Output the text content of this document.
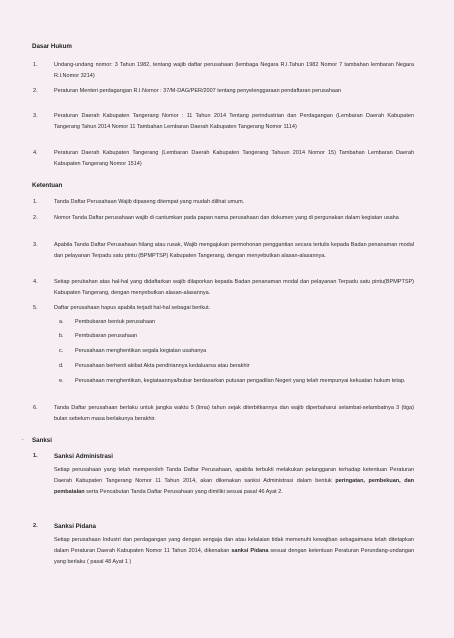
Dasar Hukum
1.	Undang-undang nomor: 3 Tahun 1982, tentang wajib daftar perusahaan (lembaga Negara R.I.Tahun 1982 Nomor 7 tambahan lembaran Negara R.I.Nomor 3214)
2.	Peraturan Menteri perdagangan R.I.Nomor : 37/M-DAG/PER/2007 tentang penyelenggaraan pendaftaran perusahaan
3.	Peraturan Daerah Kabupaten Tangerang Nomor : 11 Tahun 2014 Tentang perindustrian dan Perdagangan (Lembaran Daerah Kabupaten Tangerang Tahun 2014 Nomor 11 Tambahan Lembaran Daerah Kabupaten Tangerang Nomor 1114)
4.	Peraturan Daerah Kabupaten Tangerang (Lembaran Daerah Kabupaten Tangerang Tahuun 2014 Nomor 15) Tambahan Lembaran Daerah Kabupaten Tangerang Nomor 1514)
Ketentuan
1.	Tanda Daftar Perusahaan Wajib dipaseng ditempat yang mudah dilihat umum.
2.	Nomor Tanda Daftar perusahaan wajib di cantumkan pada papan nama perusahaan dan dokumen yang di pergunakan dalam kegiatan usaha
3.	Apabila Tanda Daftar Perusahaan hilang atau rusak, Wajib mengajukan permohonan penggantian secara tertulis kepada Badan penanaman modal dan pelayanan Terpadu satu pintu (BPMPTSP) Kabupaten Tangerang, dengan menyebutkan alasan-alasannya.
4.	Setiap perubahan atas hal-hal yang didaftarkan wajib dilaporkan kepada Badan penanaman modal dan pelayanan Terpadu satu pintu(BPMPTSP) Kabupaten Tangerang, dengan menyebutkan alasan-alasannya.
5.	Daftar perusahaan hapus apabila terjadi hal-hal sebagai berikut.
a. Pembubaran bentuk perusahaan
b. Pembubaran perusahaan
c. Perusahaan menghentikan segala kegiatan usahanya
d. Perusahaan berhenti akibat Akta pendiriannya kedaluarsa atau berakhir
e. Perusahaan menghentikan, kegiataannya/bubar berdasarkan putusan pengadilan Negeri yang telah mempunyai kekuatan hukum tetap.
6.	Tanda Daftar perusahaan berlaku untuk jangka waktu 5 (lima) tahun sejak diterbitkannya dan wajib diperbaharui selambat-selambatnya 3 (tiga) bulan sebelum masa berlakunya berakhir.
. Sanksi
1.	Sanksi Administrasi
Setiap perusahaan yang telah memperoleh Tanda Daftar Perusahaan, apabila terbukti melakukan pelanggaran terhadap ketentuan Peraturan Daerah Kabupaten Tangerang Nomor 11 Tahun 2014, akan dikenakan sanksi Administrasi dalam bentuk peringatan, pembekuan, dan pembatalan serta Pencabutan Tanda Daftar Perusahaan yang dimiliki sesuai pasal 46 Ayat 2.
2.	Sanksi Pidana
Setiap perusahaan Industri dan perdagangan yang dengan sengaja dan atau kelalaian tidak memenuhi kewajiban sebagaimana telah ditetapkan dalam Peraturan Daerah Kabupaten Nomor 11 Tahun 2014, dikenakan sanksi Pidana sesuai dengan ketentuan Peraturan Perundang-undangan yang berlaku ( pasal 48 Ayat 1 )
